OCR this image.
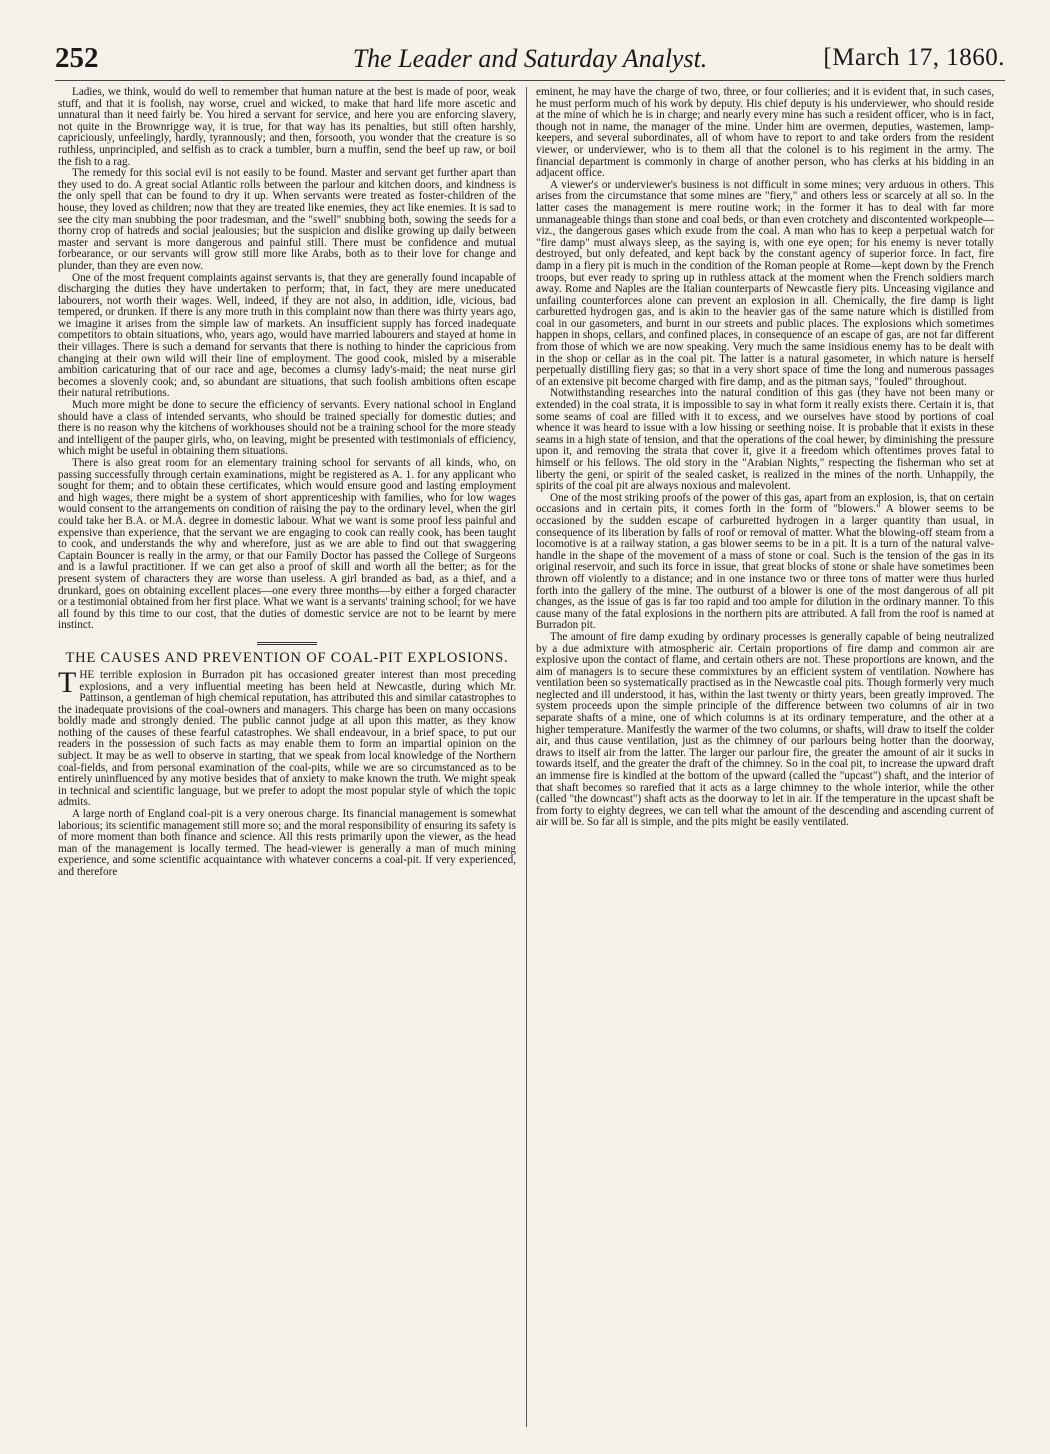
252	The Leader and Saturday Analyst.	[March 17, 1860.

Ladies, we think, would do well to remember that human nature at the best is made of poor, weak stuff, and that it is foolish, nay worse, cruel and wicked, to make that hard life more ascetic and unnatural than it need fairly be. You hired a servant for service, and here you are enforcing slavery, not quite in the Brownrigge way, it is true, for that way has its penalties, but still often harshly, capriciously, unfeelingly, hardly, tyrannously; and then, forsooth, you wonder that the creature is so ruthless, unprincipled, and selfish as to crack a tumbler, burn a muffin, send the beef up raw, or boil the fish to a rag.

The remedy for this social evil is not easily to be found. Master and servant get further apart than they used to do. A great social Atlantic rolls between the parlour and kitchen doors, and kindness is the only spell that can be found to dry it up. When servants were treated as foster-children of the house, they loved as children; now that they are treated like enemies, they act like enemies. It is sad to see the city man snubbing the poor tradesman, and the "swell" snubbing both, sowing the seeds for a thorny crop of hatreds and social jealousies; but the suspicion and dislike growing up daily between master and servant is more dangerous and painful still. There must be confidence and mutual forbearance, or our servants will grow still more like Arabs, both as to their love for change and plunder, than they are even now.

One of the most frequent complaints against servants is, that they are generally found incapable of discharging the duties they have undertaken to perform; that, in fact, they are mere uneducated labourers, not worth their wages. Well, indeed, if they are not also, in addition, idle, vicious, bad tempered, or drunken. If there is any more truth in this complaint now than there was thirty years ago, we imagine it arises from the simple law of markets. An insufficient supply has forced inadequate competitors to obtain situations, who, years ago, would have married labourers and stayed at home in their villages. There is such a demand for servants that there is nothing to hinder the capricious from changing at their own wild will their line of employment. The good cook, misled by a miserable ambition caricaturing that of our race and age, becomes a clumsy lady's-maid; the neat nurse girl becomes a slovenly cook; and, so abundant are situations, that such foolish ambitions often escape their natural retributions.

Much more might be done to secure the efficiency of servants. Every national school in England should have a class of intended servants, who should be trained specially for domestic duties; and there is no reason why the kitchens of workhouses should not be a training school for the more steady and intelligent of the pauper girls, who, on leaving, might be presented with testimonials of efficiency, which might be useful in obtaining them situations.

There is also great room for an elementary training school for servants of all kinds, who, on passing successfully through certain examinations, might be registered as A. 1. for any applicant who sought for them; and to obtain these certificates, which would ensure good and lasting employment and high wages, there might be a system of short apprenticeship with families, who for low wages would consent to the arrangements on condition of raising the pay to the ordinary level, when the girl could take her B.A. or M.A. degree in domestic labour. What we want is some proof less painful and expensive than experience, that the servant we are engaging to cook can really cook, has been taught to cook, and understands the why and wherefore, just as we are able to find out that swaggering Captain Bouncer is really in the army, or that our Family Doctor has passed the College of Surgeons and is a lawful practitioner. If we can get also a proof of skill and worth all the better; as for the present system of characters they are worse than useless. A girl branded as bad, as a thief, and a drunkard, goes on obtaining excellent places—one every three months—by either a forged character or a testimonial obtained from her first place. What we want is a servants' training school; for we have all found by this time to our cost, that the duties of domestic service are not to be learnt by mere instinct.

THE CAUSES AND PREVENTION OF COAL-PIT EXPLOSIONS.

THE terrible explosion in Burradon pit has occasioned greater interest than most preceding explosions, and a very influential meeting has been held at Newcastle, during which Mr. Pattinson, a gentleman of high chemical reputation, has attributed this and similar catastrophes to the inadequate provisions of the coal-owners and managers. This charge has been on many occasions boldly made and strongly denied. The public cannot judge at all upon this matter, as they know nothing of the causes of these fearful catastrophes. We shall endeavour, in a brief space, to put our readers in the possession of such facts as may enable them to form an impartial opinion on the subject. It may be as well to observe in starting, that we speak from local knowledge of the Northern coal-fields, and from personal examination of the coal-pits, while we are so circumstanced as to be entirely uninfluenced by any motive besides that of anxiety to make known the truth. We might speak in technical and scientific language, but we prefer to adopt the most popular style of which the topic admits.

A large north of England coal-pit is a very onerous charge. Its financial management is somewhat laborious; its scientific management still more so; and the moral responsibility of ensuring its safety is of more moment than both finance and science. All this rests primarily upon the viewer, as the head man of the management is locally termed. The head-viewer is generally a man of much mining experience, and some scientific acquaintance with whatever concerns a coal-pit. If very experienced, and therefore

eminent, he may have the charge of two, three, or four collieries; and it is evident that, in such cases, he must perform much of his work by deputy. His chief deputy is his underviewer, who should reside at the mine of which he is in charge; and nearly every mine has such a resident officer, who is in fact, though not in name, the manager of the mine. Under him are overmen, deputies, wastemen, lamp-keepers, and several subordinates, all of whom have to report to and take orders from the resident viewer, or underviewer, who is to them all that the colonel is to his regiment in the army. The financial department is commonly in charge of another person, who has clerks at his bidding in an adjacent office.

A viewer's or underviewer's business is not difficult in some mines; very arduous in others. This arises from the circumstance that some mines are "fiery," and others less or scarcely at all so. In the latter cases the management is mere routine work; in the former it has to deal with far more unmanageable things than stone and coal beds, or than even crotchety and discontented workpeople—viz., the dangerous gases which exude from the coal. A man who has to keep a perpetual watch for "fire damp" must always sleep, as the saying is, with one eye open; for his enemy is never totally destroyed, but only defeated, and kept back by the constant agency of superior force. In fact, fire damp in a fiery pit is much in the condition of the Roman people at Rome—kept down by the French troops, but ever ready to spring up in ruthless attack at the moment when the French soldiers march away. Rome and Naples are the Italian counterparts of Newcastle fiery pits. Unceasing vigilance and unfailing counterforces alone can prevent an explosion in all. Chemically, the fire damp is light carburetted hydrogen gas, and is akin to the heavier gas of the same nature which is distilled from coal in our gasometers, and burnt in our streets and public places. The explosions which sometimes happen in shops, cellars, and confined places, in consequence of an escape of gas, are not far different from those of which we are now speaking. Very much the same insidious enemy has to be dealt with in the shop or cellar as in the coal pit. The latter is a natural gasometer, in which nature is herself perpetually distilling fiery gas; so that in a very short space of time the long and numerous passages of an extensive pit become charged with fire damp, and as the pitman says, "fouled" throughout.

Notwithstanding researches into the natural condition of this gas (they have not been many or extended) in the coal strata, it is impossible to say in what form it really exists there. Certain it is, that some seams of coal are filled with it to excess, and we ourselves have stood by portions of coal whence it was heard to issue with a low hissing or seething noise. It is probable that it exists in these seams in a high state of tension, and that the operations of the coal hewer, by diminishing the pressure upon it, and removing the strata that cover it, give it a freedom which oftentimes proves fatal to himself or his fellows. The old story in the "Arabian Nights," respecting the fisherman who set at liberty the geni, or spirit of the sealed casket, is realized in the mines of the north. Unhappily, the spirits of the coal pit are always noxious and malevolent.

One of the most striking proofs of the power of this gas, apart from an explosion, is, that on certain occasions and in certain pits, it comes forth in the form of "blowers." A blower seems to be occasioned by the sudden escape of carburetted hydrogen in a larger quantity than usual, in consequence of its liberation by falls of roof or removal of matter. What the blowing-off steam from a locomotive is at a railway station, a gas blower seems to be in a pit. It is a turn of the natural valve-handle in the shape of the movement of a mass of stone or coal. Such is the tension of the gas in its original reservoir, and such its force in issue, that great blocks of stone or shale have sometimes been thrown off violently to a distance; and in one instance two or three tons of matter were thus hurled forth into the gallery of the mine. The outburst of a blower is one of the most dangerous of all pit changes, as the issue of gas is far too rapid and too ample for dilution in the ordinary manner. To this cause many of the fatal explosions in the northern pits are attributed. A fall from the roof is named at Burradon pit.

The amount of fire damp exuding by ordinary processes is generally capable of being neutralized by a due admixture with atmospheric air. Certain proportions of fire damp and common air are explosive upon the contact of flame, and certain others are not. These proportions are known, and the aim of managers is to secure these commixtures by an efficient system of ventilation. Nowhere has ventilation been so systematically practised as in the Newcastle coal pits. Though formerly very much neglected and ill understood, it has, within the last twenty or thirty years, been greatly improved. The system proceeds upon the simple principle of the difference between two columns of air in two separate shafts of a mine, one of which columns is at its ordinary temperature, and the other at a higher temperature. Manifestly the warmer of the two columns, or shafts, will draw to itself the colder air, and thus cause ventilation, just as the chimney of our parlours being hotter than the doorway, draws to itself air from the latter. The larger our parlour fire, the greater the amount of air it sucks in towards itself, and the greater the draft of the chimney. So in the coal pit, to increase the upward draft an immense fire is kindled at the bottom of the upward (called the "upcast") shaft, and the interior of that shaft becomes so rarefied that it acts as a large chimney to the whole interior, while the other (called "the downcast") shaft acts as the doorway to let in air. If the temperature in the upcast shaft be from forty to eighty degrees, we can tell what the amount of the descending and ascending current of air will be. So far all is simple, and the pits might be easily ventilated.
